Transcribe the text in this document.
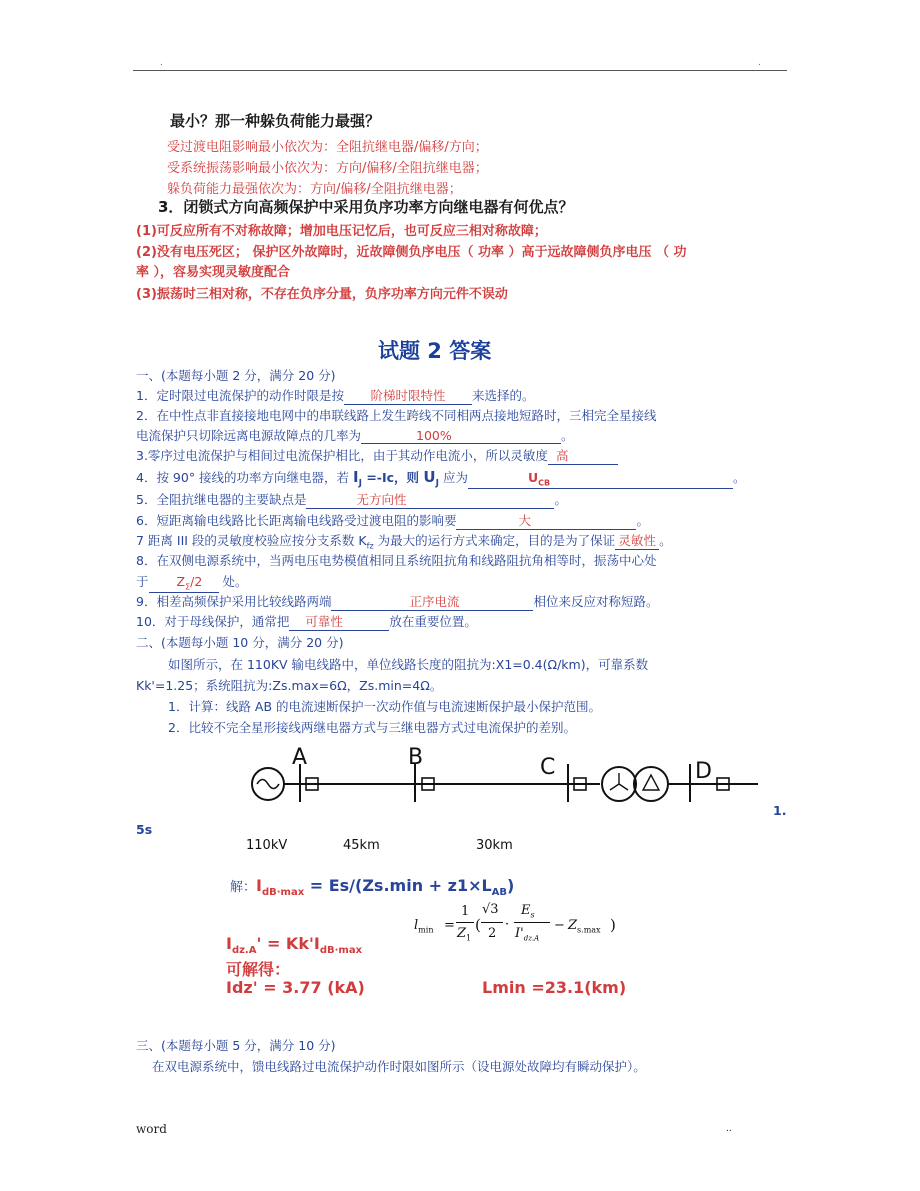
.	.
最小？那一种躲负荷能力最强？
受过渡电阻影响最小依次为：全阻抗继电器/偏移/方向；
受系统振荡影响最小依次为：方向/偏移/全阻抗继电器；
躲负荷能力最强依次为：方向/偏移/全阻抗继电器；
3．闭锁式方向高频保护中采用负序功率方向继电器有何优点？
(1)可反应所有不对称故障；增加电压记忆后，也可反应三相对称故障；
(2)没有电压死区； 保护区外故障时，近故障侧负序电压（ 功率 ）高于远故障侧负序电压 （ 功
率 ），容易实现灵敏度配合
(3)振荡时三相对称，不存在负序分量，负序功率方向元件不误动
试题 2 答案
一、(本题每小题 2 分，满分 20 分)
1．定时限过电流保护的动作时限是按 阶梯时限特性 来选择的。
2．在中性点非直接接地电网中的串联线路上发生跨线不同相两点接地短路时，三相完全星接线
电流保护只切除远离电源故障点的几率为	100%	。
3.零序过电流保护与相间过电流保护相比，由于其动作电流小，所以灵敏度 高
4．按 90° 接线的功率方向继电器，若 $I_J =-Ic$，则 $U_J$ 应为	$U_{CB}$	。
5．全阻抗继电器的主要缺点是	无方向性	。
6．短距离输电线路比长距离输电线路受过渡电阻的影响要	大	。
7 距离 III 段的灵敏度校验应按分支系数 $K_{fz}$ 为最大的运行方式来确定，目的是为了保证 灵敏性 。
8．在双侧电源系统中，当两电压电势模值相同且系统阻抗角和线路阻抗角相等时，振荡中心处
于 $Z_\Sigma/2$ 处。
9．相差高频保护采用比较线路两端	正序电流	相位来反应对称短路。
10．对于母线保护，通常把 可靠性	放在重要位置。
二、(本题每小题 10 分，满分 20 分)
如图所示，在 110KV 输电线路中，单位线路长度的阻抗为:X1=0.4(Ω/km)，可靠系数
Kk'=1.25；系统阻抗为:Zs.max=6Ω，Zs.min=4Ω。
1．计算：线路 AB 的电流速断保护一次动作值与电流速断保护最小保护范围。
2．比较不完全星形接线两继电器方式与三继电器方式过电流保护的差别。
A	B	C	D
1.
5s
110kV	45km	30km
解：$I_{dB\cdot max} = Es/(Zs.\min + z1\times L_{AB})$
$l_{min}$ =
1
$Z_1$
(
√3
2
·
$E_s$
$I'_{dz.A}$
− $Z_{s.max}$ )
$I_{dz.A}' = Kk'I_{dB\cdot max}$
可解得：
Idz' = 3.77 (kA)	Lmin =23.1(km)
三、(本题每小题 5 分，满分 10 分)
在双电源系统中，馈电线路过电流保护动作时限如图所示（设电源处故障均有瞬动保护）。
word	..
